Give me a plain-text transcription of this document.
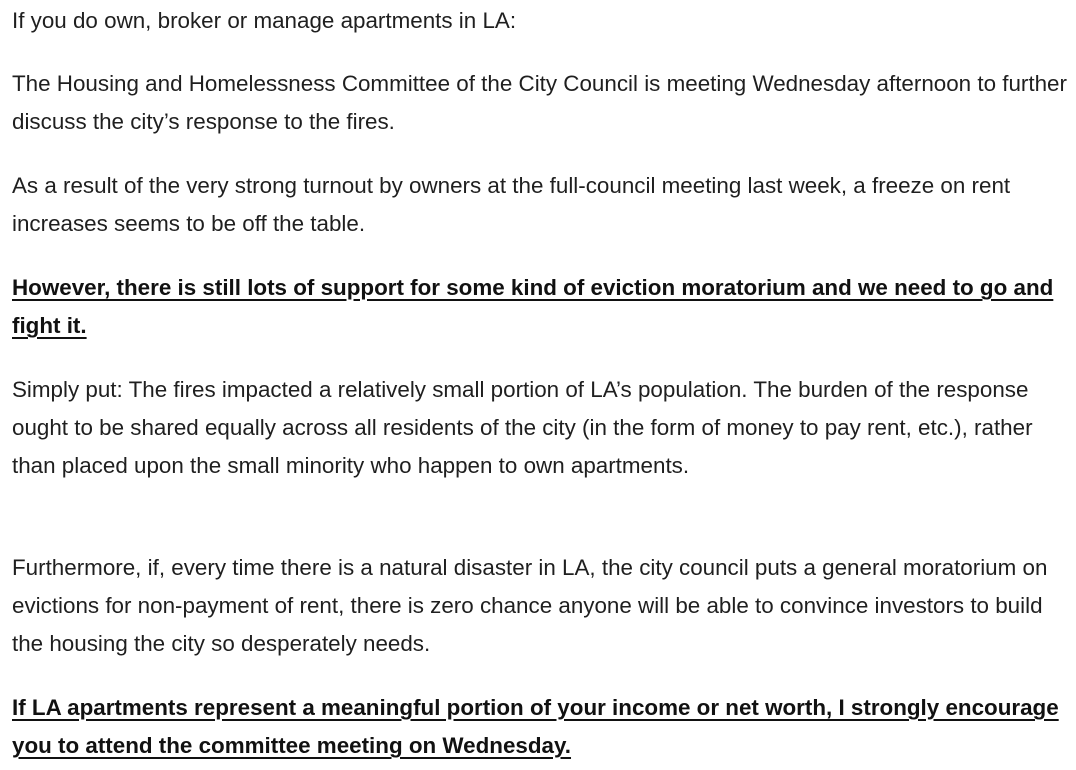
If you do own, broker or manage apartments in LA:

The Housing and Homelessness Committee of the City Council is meeting Wednesday afternoon to further discuss the city’s response to the fires.

As a result of the very strong turnout by owners at the full-council meeting last week, a freeze on rent increases seems to be off the table.

However, there is still lots of support for some kind of eviction moratorium and we need to go and fight it.

Simply put: The fires impacted a relatively small portion of LA’s population. The burden of the response ought to be shared equally across all residents of the city (in the form of money to pay rent, etc.), rather than placed upon the small minority who happen to own apartments.

Furthermore, if, every time there is a natural disaster in LA, the city council puts a general moratorium on evictions for non-payment of rent, there is zero chance anyone will be able to convince investors to build the housing the city so desperately needs.

If LA apartments represent a meaningful portion of your income or net worth, I strongly encourage you to attend the committee meeting on Wednesday.
